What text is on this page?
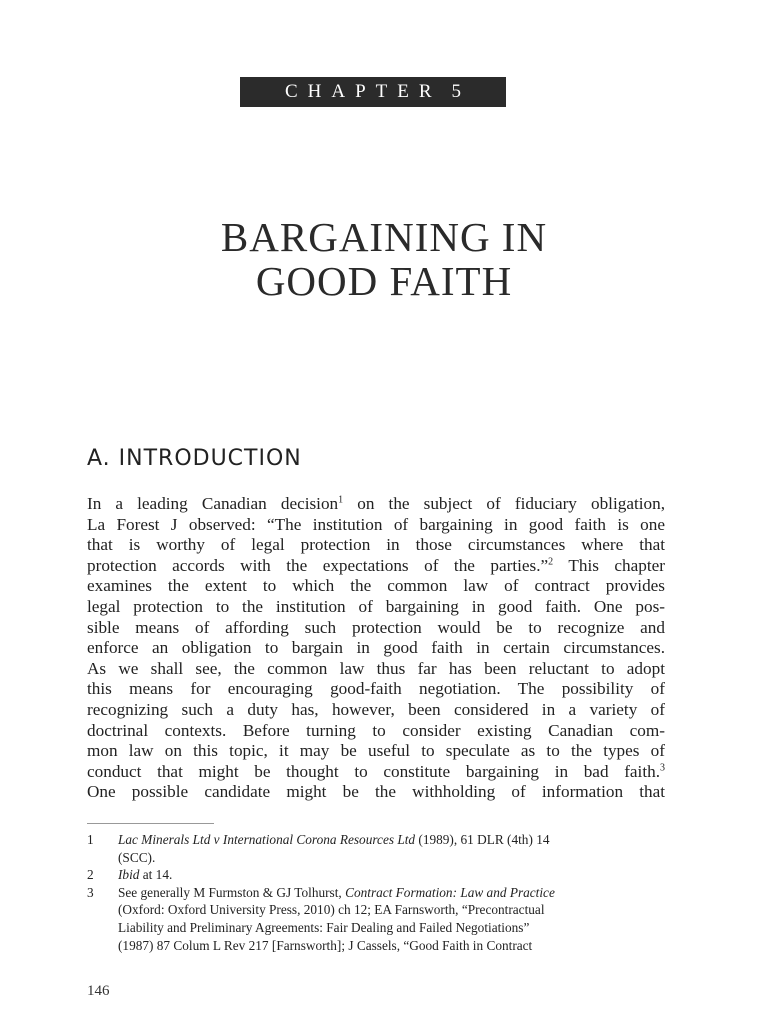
CHAPTER 5
BARGAINING IN
GOOD FAITH
A. INTRODUCTION
In a leading Canadian decision$^1$ on the subject of fiduciary obligation,
La Forest J observed: “The institution of bargaining in good faith is one
that is worthy of legal protection in those circumstances where that
protection accords with the expectations of the parties.”$^2$ This chapter
examines the extent to which the common law of contract provides
legal protection to the institution of bargaining in good faith. One pos-
sible means of affording such protection would be to recognize and
enforce an obligation to bargain in good faith in certain circumstances.
As we shall see, the common law thus far has been reluctant to adopt
this means for encouraging good-faith negotiation. The possibility of
recognizing such a duty has, however, been considered in a variety of
doctrinal contexts. Before turning to consider existing Canadian com-
mon law on this topic, it may be useful to speculate as to the types of
conduct that might be thought to constitute bargaining in bad faith.$^3$
One possible candidate might be the withholding of information that
1	Lac Minerals Ltd v International Corona Resources Ltd (1989), 61 DLR (4th) 14
(SCC).
2	Ibid at 14.
3	See generally M Furmston & GJ Tolhurst, Contract Formation: Law and Practice
(Oxford: Oxford University Press, 2010) ch 12; EA Farnsworth, “Precontractual
Liability and Preliminary Agreements: Fair Dealing and Failed Negotiations”
(1987) 87 Colum L Rev 217 [Farnsworth]; J Cassels, “Good Faith in Contract
146
